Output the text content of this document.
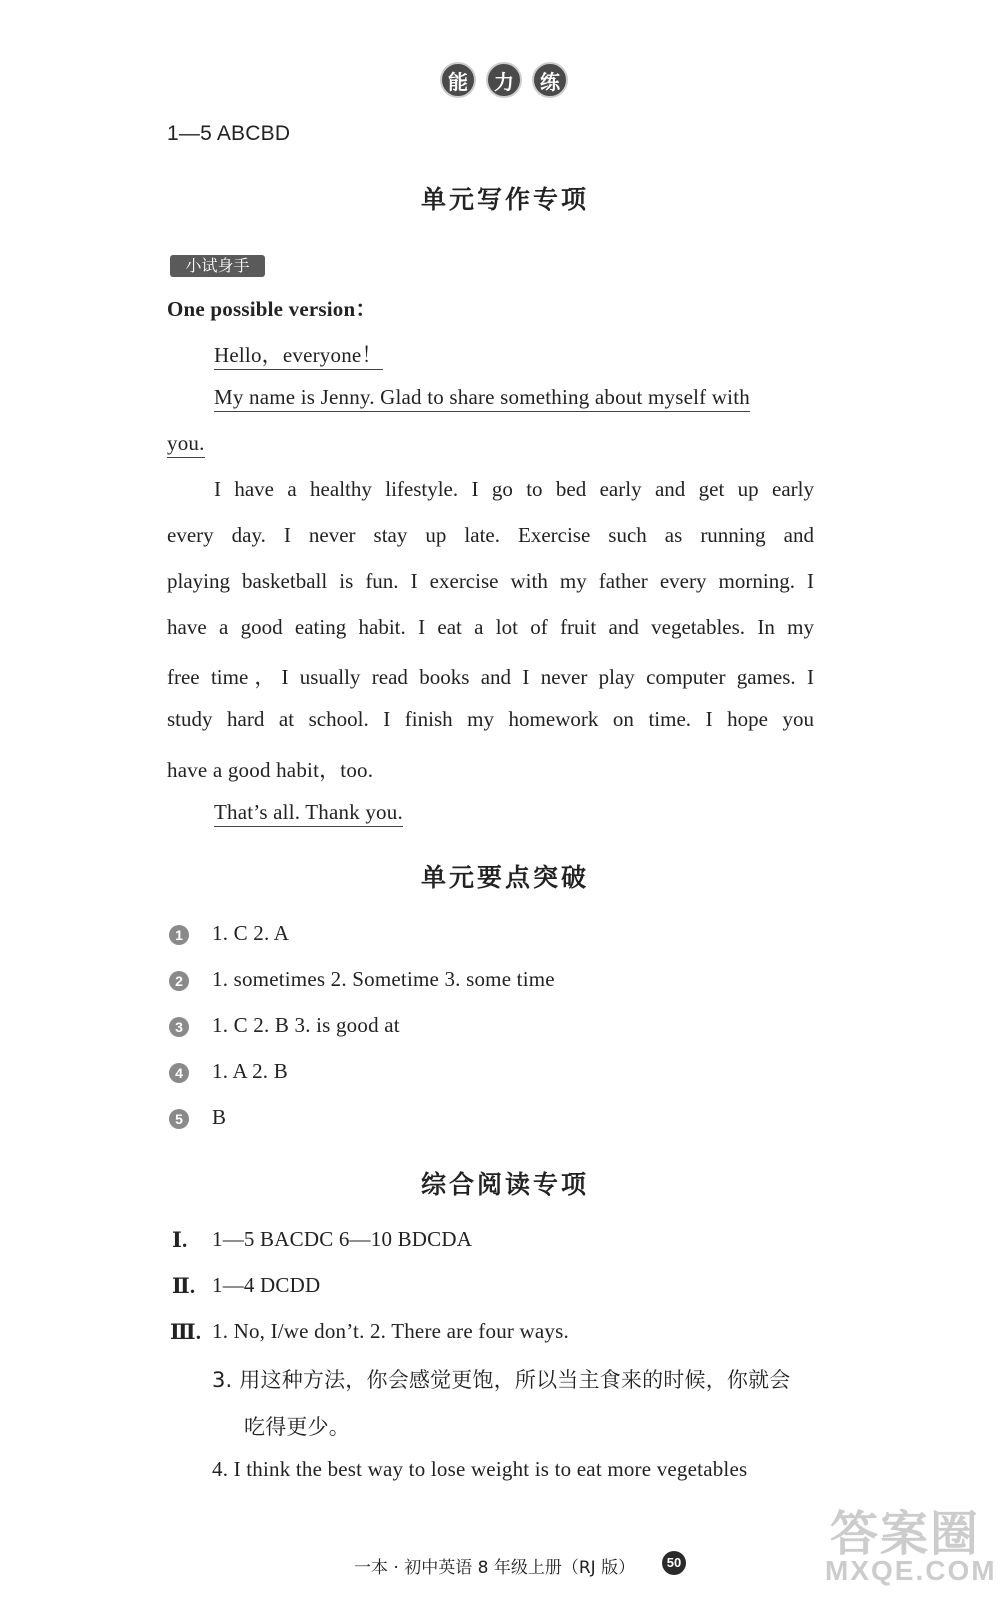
能	力	练
1—5 ABCBD
单元写作专项
小试身手
One possible version：
Hello，everyone！
My name is Jenny. Glad to share something about myself with
you.
I have a healthy lifestyle. I go to bed early and get up early
every day. I never stay up late. Exercise such as running and
playing basketball is fun. I exercise with my father every morning. I
have a good eating habit. I eat a lot of fruit and vegetables. In my
free time，I usually read books and I never play computer games. I
study hard at school. I finish my homework on time. I hope you
have a good habit，too.
That’s all. Thank you.
单元要点突破
1 1. C 2. A
2 1. sometimes 2. Sometime 3. some time
3 1. C 2. B 3. is good at
4 1. A 2. B
5 B
综合阅读专项
Ⅰ. 1—5 BACDC 6—10 BDCDA
Ⅱ. 1—4 DCDD
Ⅲ. 1. No, I/we don’t. 2. There are four ways.
3. 用这种方法，你会感觉更饱，所以当主食来的时候，你就会
吃得更少。
4. I think the best way to lose weight is to eat more vegetables
一本 · 初中英语 8 年级上册（RJ 版）	50
答案圈
MXQE.COM
